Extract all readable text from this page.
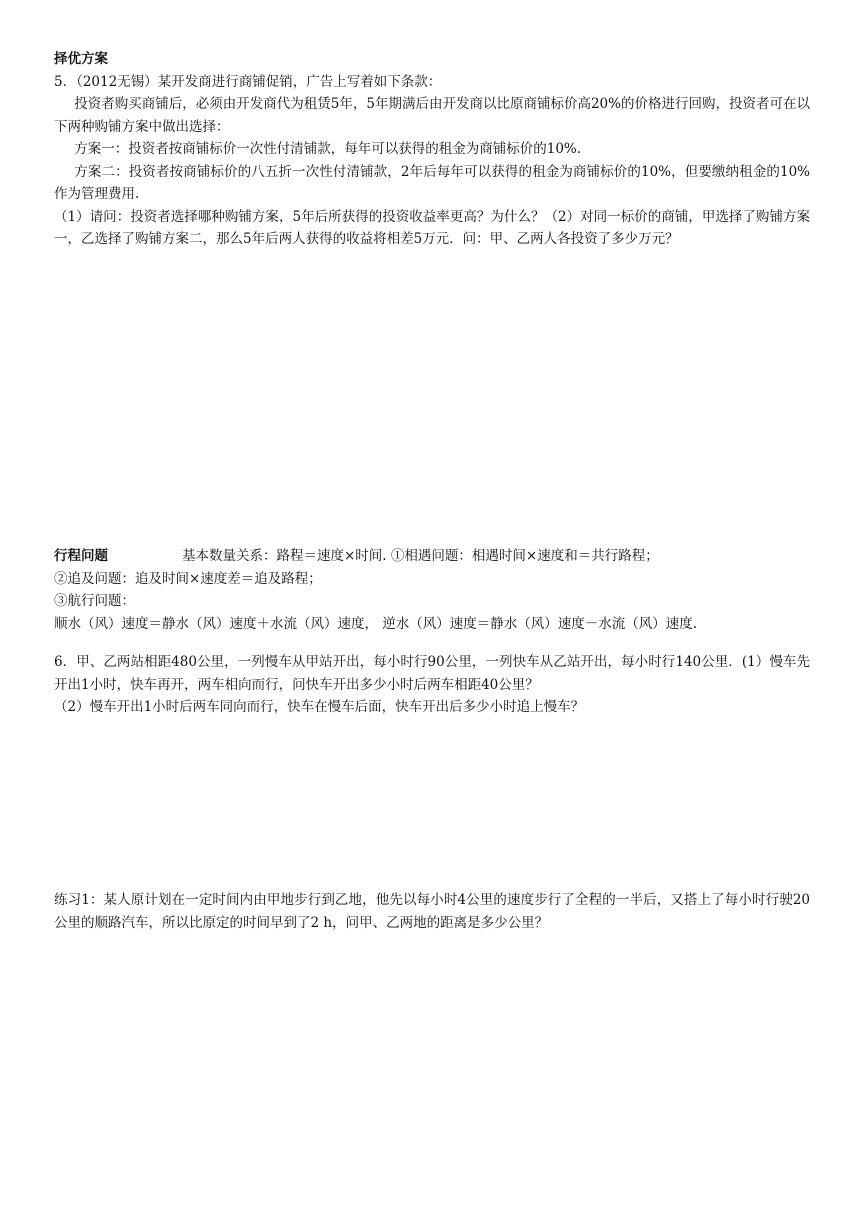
择优方案

5．（2012无锡）某开发商进行商铺促销，广告上写着如下条款：

投资者购买商铺后，必须由开发商代为租赁5年，5年期满后由开发商以比原商铺标价高20%的价格进行回购，投资者可在以下两种购铺方案中做出选择：

方案一：投资者按商铺标价一次性付清铺款，每年可以获得的租金为商铺标价的10%.

方案二：投资者按商铺标价的八五折一次性付清铺款，2年后每年可以获得的租金为商铺标价的10%，但要缴纳租金的10%作为管理费用.

（1）请问：投资者选择哪种购铺方案，5年后所获得的投资收益率更高？为什么？（2）对同一标价的商铺，甲选择了购铺方案一，乙选择了购铺方案二，那么5年后两人获得的收益将相差5万元．问：甲、乙两人各投资了多少万元？

行程问题	基本数量关系：路程＝速度×时间. ①相遇问题：相遇时间×速度和＝共行路程；

②追及问题：追及时间×速度差＝追及路程；

③航行问题：

顺水（风）速度＝静水（风）速度＋水流（风）速度， 逆水（风）速度＝静水（风）速度－水流（风）速度.

6．甲、乙两站相距480公里，一列慢车从甲站开出，每小时行90公里，一列快车从乙站开出，每小时行140公里．(1）慢车先开出1小时，快车再开，两车相向而行，问快车开出多少小时后两车相距40公里？

（2）慢车开出1小时后两车同向而行，快车在慢车后面，快车开出后多少小时追上慢车？

练习1：某人原计划在一定时间内由甲地步行到乙地，他先以每小时4公里的速度步行了全程的一半后，又搭上了每小时行驶20公里的顺路汽车，所以比原定的时间早到了2 h，问甲、乙两地的距离是多少公里？
